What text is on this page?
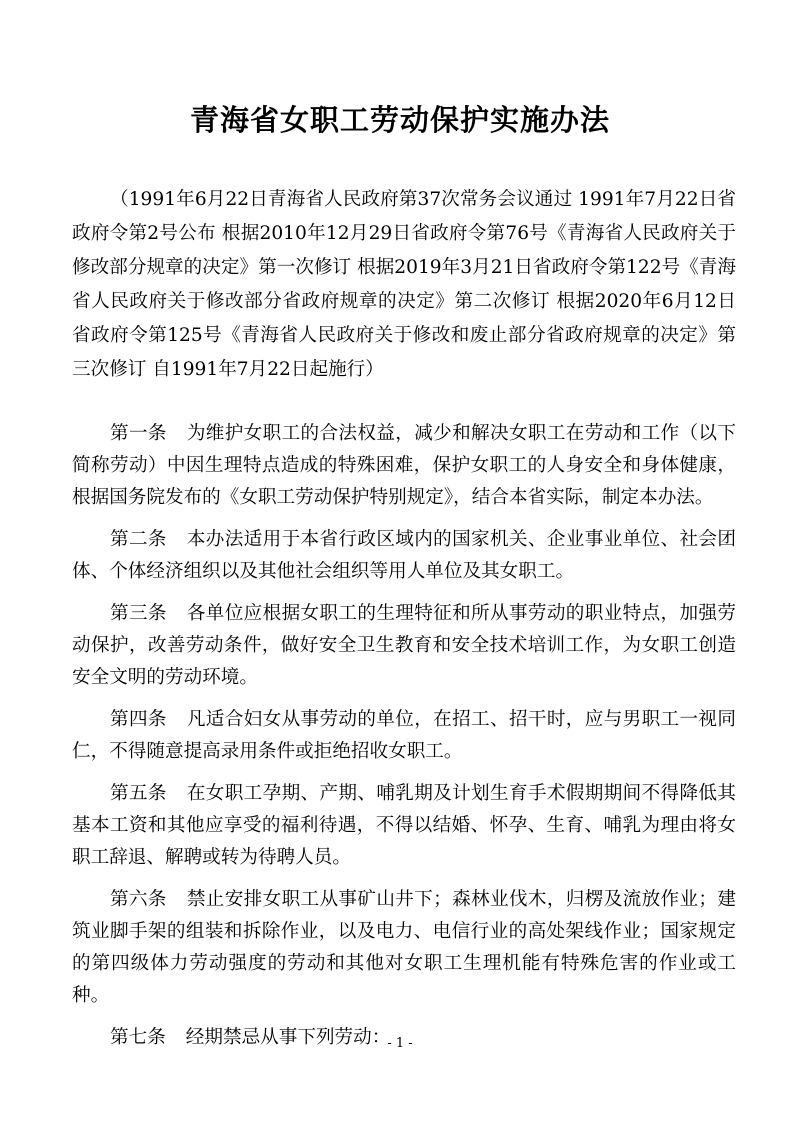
青海省女职工劳动保护实施办法

（1991年6月22日青海省人民政府第37次常务会议通过 1991年7月22日省政府令第2号公布 根据2010年12月29日省政府令第76号《青海省人民政府关于修改部分规章的决定》第一次修订 根据2019年3月21日省政府令第122号《青海省人民政府关于修改部分省政府规章的决定》第二次修订 根据2020年6月12日省政府令第125号《青海省人民政府关于修改和废止部分省政府规章的决定》第三次修订 自1991年7月22日起施行）

第一条 为维护女职工的合法权益，减少和解决女职工在劳动和工作（以下简称劳动）中因生理特点造成的特殊困难，保护女职工的人身安全和身体健康，根据国务院发布的《女职工劳动保护特别规定》，结合本省实际，制定本办法。

第二条 本办法适用于本省行政区域内的国家机关、企业事业单位、社会团体、个体经济组织以及其他社会组织等用人单位及其女职工。

第三条 各单位应根据女职工的生理特征和所从事劳动的职业特点，加强劳动保护，改善劳动条件，做好安全卫生教育和安全技术培训工作，为女职工创造安全文明的劳动环境。

第四条 凡适合妇女从事劳动的单位，在招工、招干时，应与男职工一视同仁，不得随意提高录用条件或拒绝招收女职工。

第五条 在女职工孕期、产期、哺乳期及计划生育手术假期期间不得降低其基本工资和其他应享受的福利待遇，不得以结婚、怀孕、生育、哺乳为理由将女职工辞退、解聘或转为待聘人员。

第六条 禁止安排女职工从事矿山井下；森林业伐木，归楞及流放作业；建筑业脚手架的组装和拆除作业，以及电力、电信行业的高处架线作业；国家规定的第四级体力劳动强度的劳动和其他对女职工生理机能有特殊危害的作业或工种。

第七条 经期禁忌从事下列劳动：

- 1 -
